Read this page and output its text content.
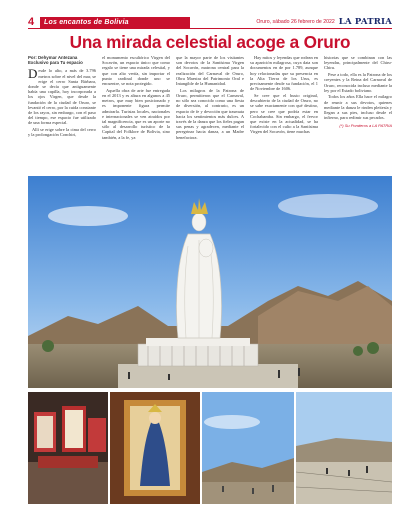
4	Los encantos de Bolivia	Oruro, sábado 26 febrero de 2022 LA PATRIA
Una mirada celestial acoge a Oruro
Por: Dehymar Antezana
Exclusivo para Tu espacio

Desde lo alto, a más de 3.796 metros sobre el nivel del mar, se erige el cerro Santa Bárbara, donde se decía que antiguamente había una capilla, hoy incorporada a los ojos Virgen, que desde la fundación de la ciudad de Oruro, se levantó el cerro, por la cuida constante de los rayos, sin embargo, con el paso del tiempo, ese espacio fue utilizado de una forma especial.

Allí se erige sobre la cima del cerro y la prolongación Conchiri,

el monumento escultórico Virgen del Socavón, un espacio único que como regalo se tiene una mirada celestial, y que con alto vertía, sin importar el punto cardinal donde uno se encuentre, se nota protegido.

Aquella obra de arte fue entregada en el 2013 y es altura en algunos a 45 metros, que muy bien posicionado y es imponente figura permite admirarla. Turistas locales, nacionales e internacionales se ven atraídos por tal magnificencia, que es un aporte no sólo al desarrollo turístico de la Capital del Folklore de Bolivia, sino también, a la fe, ya

que la mayor parte de los visitantes son devotos de la Santísima Virgen del Socavón, matrona central para la realización del Carnaval de Oruro, Obra Maestra del Patrimonio Oral e Intangible de la Humanidad.

Los milagros de la Patrona de Oruro, permitieron que el Carnaval, no sólo sea conocido como una fiesta de diversión, al contrario, es un espacio de fe y devoción que trasmuta hacia los sentimientos más dulces. A través de la danza que los fieles pagan sus penas y agradecen, mediante el peregrinar hacia danza, a un Madre benefactora.

Hay mitos y leyendas que rodean en su aparición milagrosa, cuya data son documentos en de por 1.789, aunque hoy relacionadas que su presencia en la Alta Tierra de los Urus, es precisamente desde su fundación, el 1 de Noviembre de 1606.

Se cree que el busto original, descubierto de la ciudad de Oruro, no se sabe exactamente con qué destino, pero se cree que podría estar en Cochabamba. Sin embargo, el fervor que existe en la actualidad, se ha fortalecido con el culto a la Santísima Virgen del Socavón, tiene muchas

historias que se combinan con las leyendas, principalmente del Chiru-Chiru.

Pese a todo, ella es la Patrona de los creyentes y la Reina del Carnaval de Oruro, reconocida incluso mediante la ley por el Estado boliviano.

Todos los años Ella hace el milagro de reunir a sus devotos, quienes mediante la danza le rinden pleitesía y llegan a sus pies, incluso desde el infierno, para redimir sus pecados.

(*) Su Ponderos a LA PATRIA
